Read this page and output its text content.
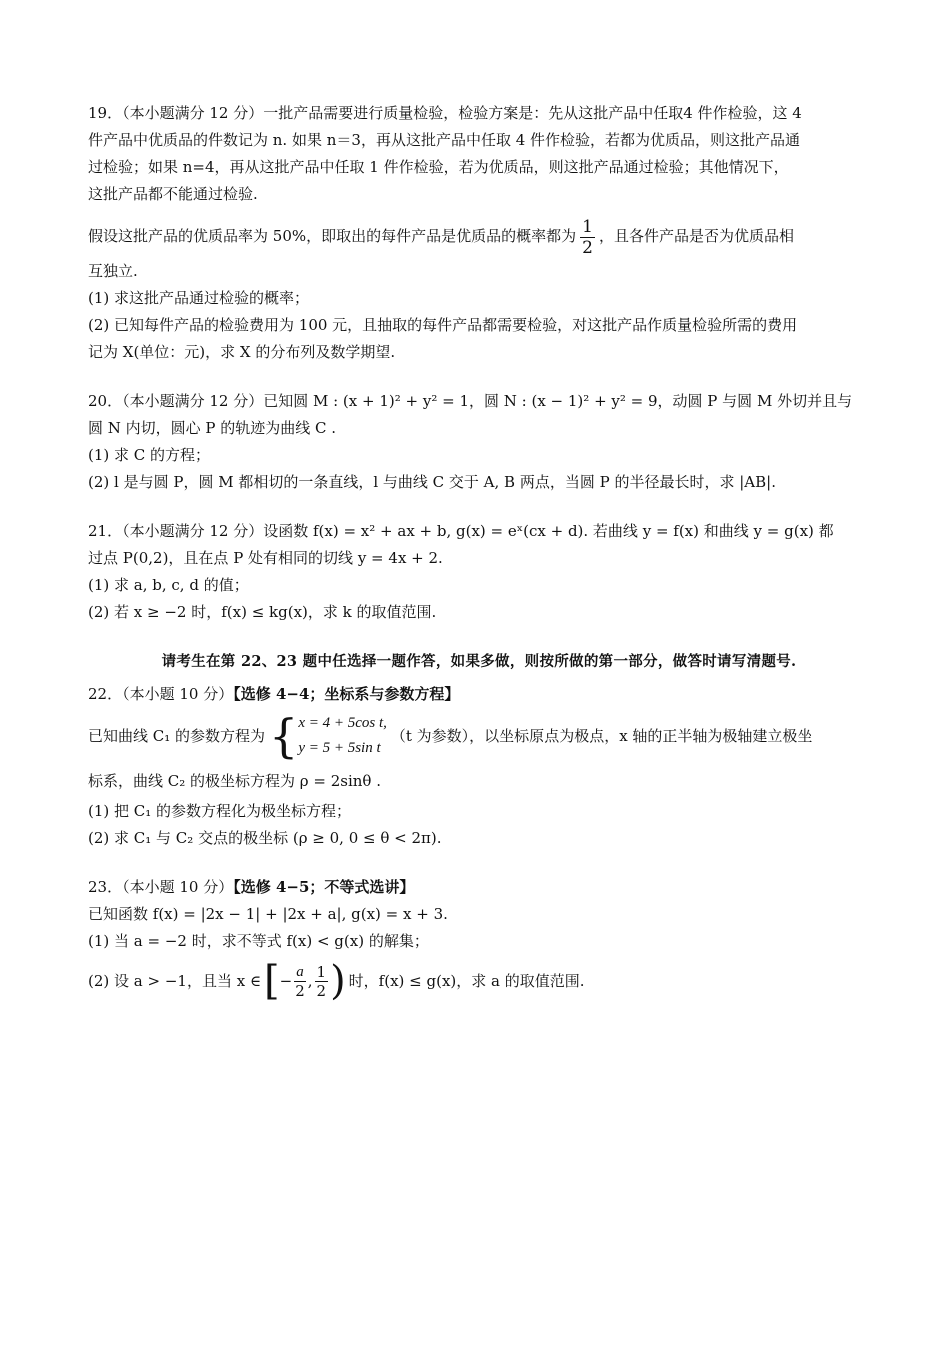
19．（本小题满分 12 分）一批产品需要进行质量检验，检验方案是：先从这批产品中任取4 件作检验，这 4

件产品中优质品的件数记为 n. 如果 n＝3，再从这批产品中任取 4 件作检验，若都为优质品，则这批产品通

过检验；如果 n=4，再从这批产品中任取 1 件作检验，若为优质品，则这批产品通过检验；其他情况下，

这批产品都不能通过检验.

假设这批产品的优质品率为 50%，即取出的每件产品是优质品的概率都为 $\frac{1}{2}$ ，且各件产品是否为优质品相

互独立.

(1) 求这批产品通过检验的概率；

(2) 已知每件产品的检验费用为 100 元，且抽取的每件产品都需要检验，对这批产品作质量检验所需的费用

记为 X(单位：元)，求 X 的分布列及数学期望.

20．（本小题满分 12 分）已知圆 M : (x + 1)² + y² = 1，圆 N : (x − 1)² + y² = 9，动圆 P 与圆 M 外切并且与

圆 N 内切，圆心 P 的轨迹为曲线 C .

(1) 求 C 的方程；

(2) l 是与圆 P，圆 M 都相切的一条直线，l 与曲线 C 交于 A, B 两点，当圆 P 的半径最长时，求 |AB|.

21．（本小题满分 12 分）设函数 f(x) = x² + ax + b, g(x) = eˣ(cx + d). 若曲线 y = f(x) 和曲线 y = g(x) 都

过点 P(0,2)，且在点 P 处有相同的切线 y = 4x + 2.

(1) 求 a, b, c, d 的值；

(2) 若 x ≥ −2 时，f(x) ≤ kg(x)，求 k 的取值范围.

请考生在第 22、23 题中任选择一题作答，如果多做，则按所做的第一部分，做答时请写清题号.

22．（本小题 10 分）【选修 4−4；坐标系与参数方程】

已知曲线 C₁ 的参数方程为 { x = 4 + 5cos t,
y = 5 + 5sin t
（t 为参数），以坐标原点为极点，x 轴的正半轴为极轴建立极坐

标系，曲线 C₂ 的极坐标方程为 ρ = 2sinθ .

(1) 把 C₁ 的参数方程化为极坐标方程；

(2) 求 C₁ 与 C₂ 交点的极坐标 (ρ ≥ 0, 0 ≤ θ < 2π).

23．（本小题 10 分）【选修 4−5；不等式选讲】

已知函数 f(x) = |2x − 1| + |2x + a|, g(x) = x + 3.

(1) 当 a = −2 时，求不等式 f(x) < g(x) 的解集；

(2) 设 a > −1，且当 x ∈ [ − $\frac{a}{2}$ , $\frac{1}{2}$ ) 时，f(x) ≤ g(x)，求 a 的取值范围.
